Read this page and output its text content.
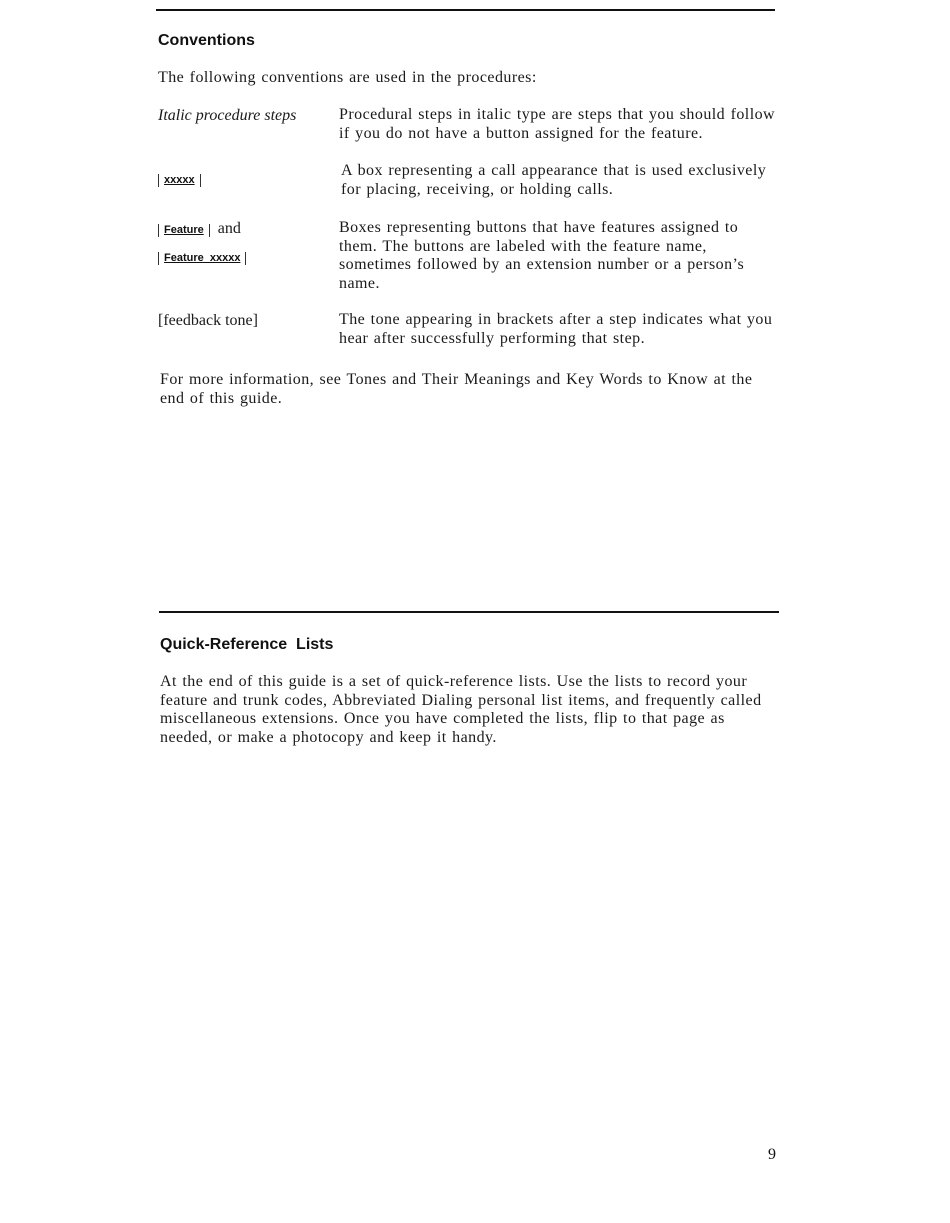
Conventions
The following conventions are used in the procedures:
Italic procedure steps	Procedural steps in italic type are steps that you should follow if you do not have a button assigned for the feature.
xxxxx
A box representing a call appearance that is used exclusively for placing, receiving, or holding calls.
Feature and
Feature  xxxxx
Boxes representing buttons that have features assigned to them. The buttons are labeled with the feature name, sometimes followed by an extension number or a person’s name.
[feedback tone]	The tone appearing in brackets after a step indicates what you hear after successfully performing that step.
For more information, see Tones and Their Meanings and Key Words to Know at the end of this guide.
Quick-Reference  Lists
At the end of this guide is a set of quick-reference lists. Use the lists to record your feature and trunk codes, Abbreviated Dialing personal list items, and frequently called miscellaneous extensions. Once you have completed the lists, flip to that page as needed, or make a photocopy and keep it handy.
9
